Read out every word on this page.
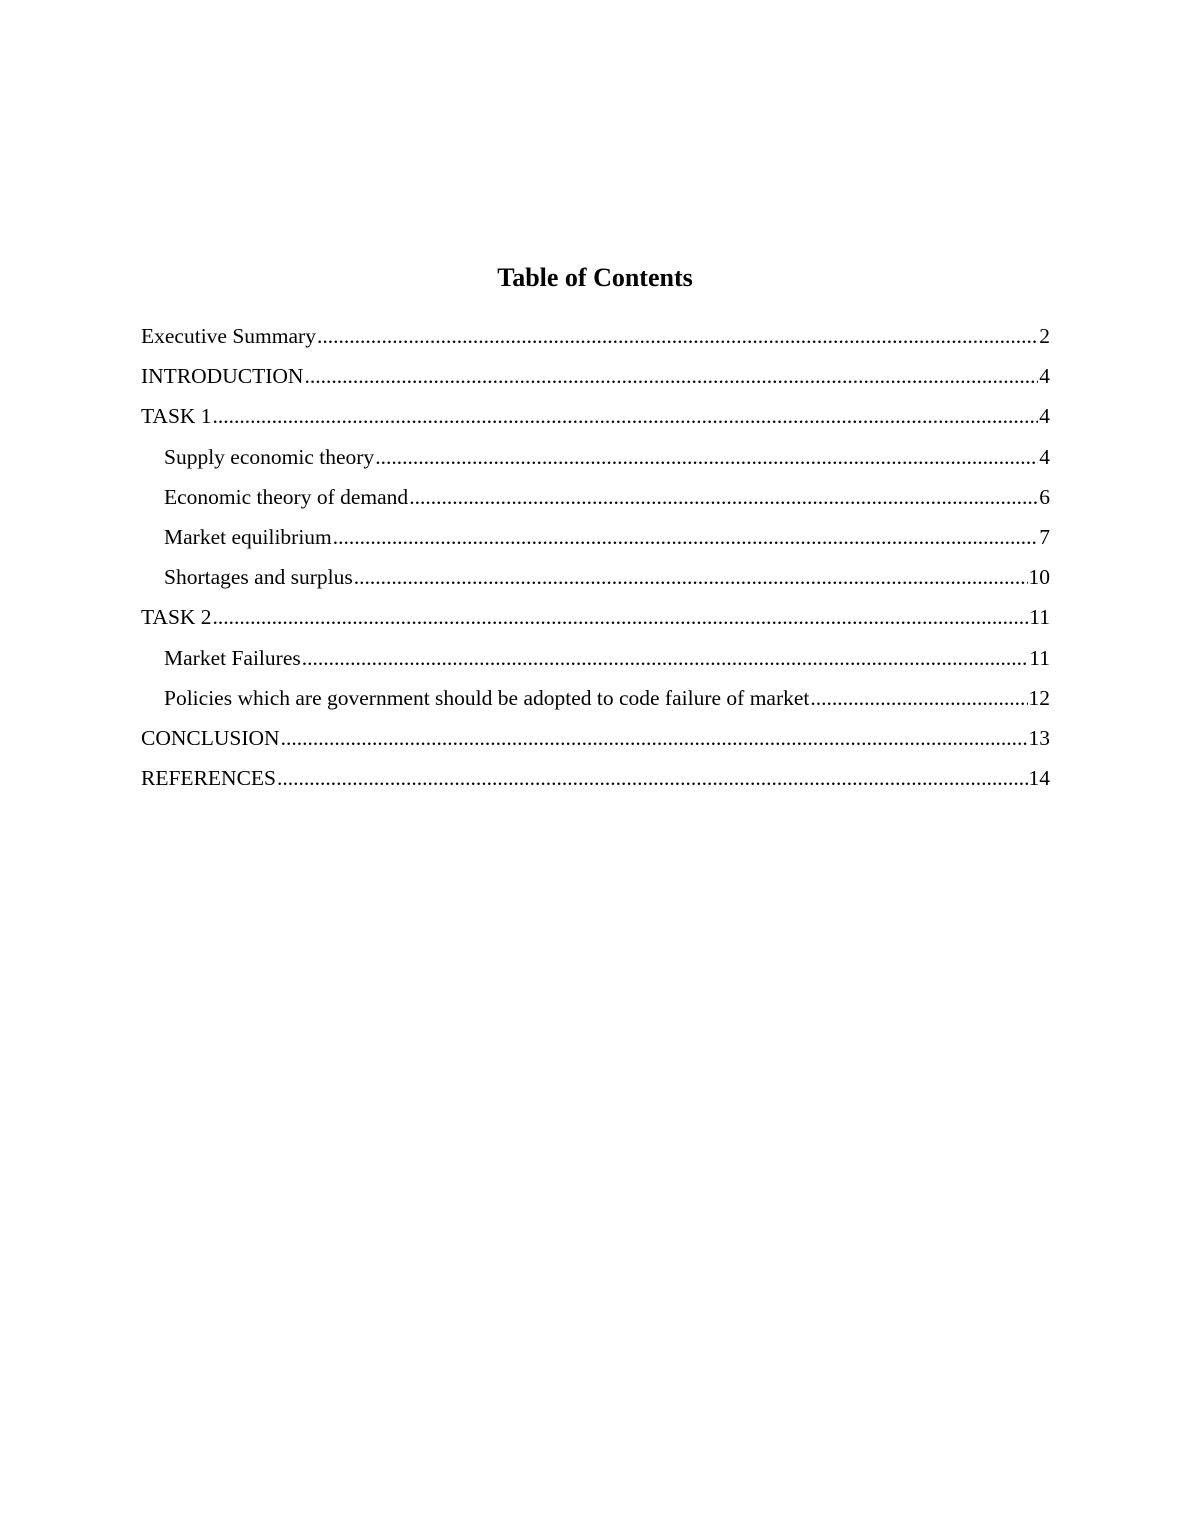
Table of Contents
Executive Summary .....	2
INTRODUCTION .....	4
TASK 1 .....	4
Supply economic theory .....	4
Economic theory of demand .....	6
Market equilibrium .....	7
Shortages and surplus .....	10
TASK 2 .....	11
Market Failures .....	11
Policies which are government should be adopted to code failure of market .....	12
CONCLUSION .....	13
REFERENCES .....	14
